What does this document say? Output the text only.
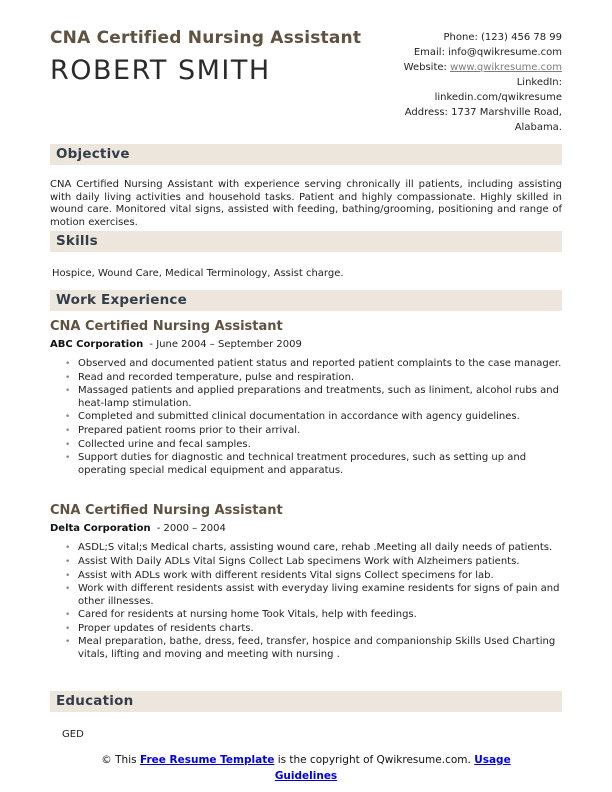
CNA Certified Nursing Assistant
ROBERT SMITH
Phone: (123) 456 78 99
Email: info@qwikresume.com
Website: www.qwikresume.com
LinkedIn:
linkedin.com/qwikresume
Address: 1737 Marshville Road,
Alabama.
Objective
CNA Certified Nursing Assistant with experience serving chronically ill patients, including assisting with daily living activities and household tasks. Patient and highly compassionate. Highly skilled in wound care. Monitored vital signs, assisted with feeding, bathing/grooming, positioning and range of motion exercises.
Skills
Hospice, Wound Care, Medical Terminology, Assist charge.
Work Experience
CNA Certified Nursing Assistant
ABC Corporation - June 2004 – September 2009
• Observed and documented patient status and reported patient complaints to the case manager.
• Read and recorded temperature, pulse and respiration.
• Massaged patients and applied preparations and treatments, such as liniment, alcohol rubs and heat-lamp stimulation.
• Completed and submitted clinical documentation in accordance with agency guidelines.
• Prepared patient rooms prior to their arrival.
• Collected urine and fecal samples.
• Support duties for diagnostic and technical treatment procedures, such as setting up and operating special medical equipment and apparatus.
CNA Certified Nursing Assistant
Delta Corporation - 2000 – 2004
• ASDL;S vital;s Medical charts, assisting wound care, rehab .Meeting all daily needs of patients.
• Assist With Daily ADLs Vital Signs Collect Lab specimens Work with Alzheimers patients.
• Assist with ADLs work with different residents Vital signs Collect specimens for lab.
• Work with different residents assist with everyday living examine residents for signs of pain and other illnesses.
• Cared for residents at nursing home Took Vitals, help with feedings.
• Proper updates of residents charts.
• Meal preparation, bathe, dress, feed, transfer, hospice and companionship Skills Used Charting vitals, lifting and moving and meeting with nursing .
Education
GED
© This Free Resume Template is the copyright of Qwikresume.com. Usage Guidelines
